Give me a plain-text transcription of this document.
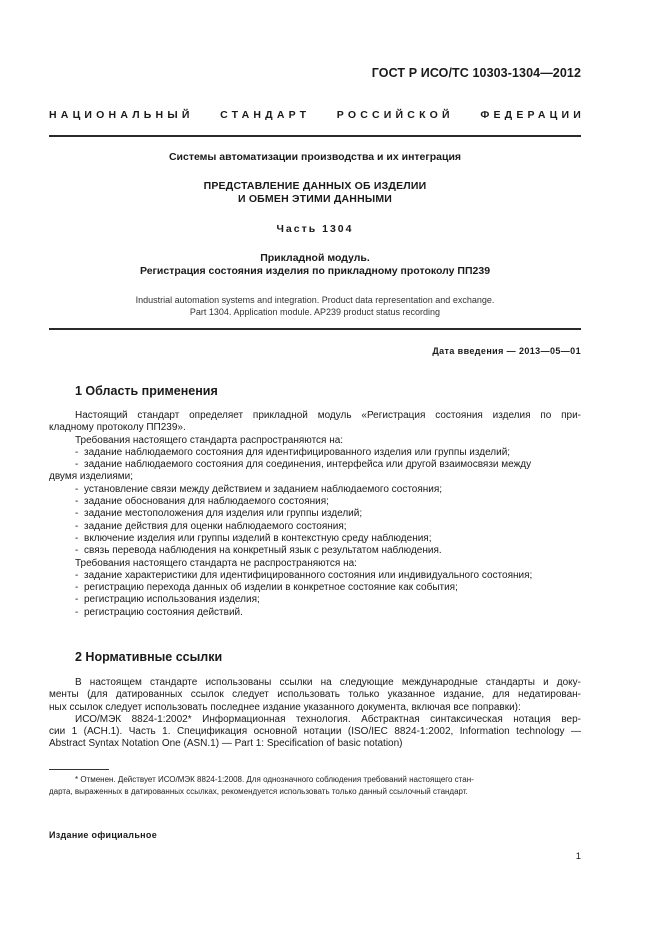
ГОСТ Р ИСО/ТС 10303-1304—2012
НАЦИОНАЛЬНЫЙ	СТАНДАРТ	РОССИЙСКОЙ	ФЕДЕРАЦИИ
Системы автоматизации производства и их интеграция
ПРЕДСТАВЛЕНИЕ ДАННЫХ ОБ ИЗДЕЛИИ
И ОБМЕН ЭТИМИ ДАННЫМИ
Часть 1304
Прикладной модуль.
Регистрация состояния изделия по прикладному протоколу ПП239
Industrial automation systems and integration. Product data representation and exchange.
Part 1304. Application module. AP239 product status recording
Дата введения — 2013—05—01
1 Область применения
Настоящий стандарт определяет прикладной модуль «Регистрация состояния изделия по при-
кладному протоколу ПП239».
Требования настоящего стандарта распространяются на:
- задание наблюдаемого состояния для идентифицированного изделия или группы изделий;
- задание наблюдаемого состояния для соединения, интерфейса или другой взаимосвязи между
двумя изделиями;
- установление связи между действием и заданием наблюдаемого состояния;
- задание обоснования для наблюдаемого состояния;
- задание местоположения для изделия или группы изделий;
- задание действия для оценки наблюдаемого состояния;
- включение изделия или группы изделий в контекстную среду наблюдения;
- связь перевода наблюдения на конкретный язык с результатом наблюдения.
Требования настоящего стандарта не распространяются на:
- задание характеристики для идентифицированного состояния или индивидуального состояния;
- регистрацию перехода данных об изделии в конкретное состояние как события;
- регистрацию использования изделия;
- регистрацию состояния действий.
2 Нормативные ссылки
В настоящем стандарте использованы ссылки на следующие международные стандарты и доку-
менты (для датированных ссылок следует использовать только указанное издание, для недатирован-
ных ссылок следует использовать последнее издание указанного документа, включая все поправки):
ИСО/МЭК 8824-1:2002* Информационная технология. Абстрактная синтаксическая нотация вер-
сии 1 (АСН.1). Часть 1. Спецификация основной нотации (ISO/IEC 8824-1:2002, Information technology —
Abstract Syntax Notation One (ASN.1) — Part 1: Specification of basic notation)
* Отменен. Действует ИСО/МЭК 8824-1:2008. Для однозначного соблюдения требований настоящего стан-
дарта, выраженных в датированных ссылках, рекомендуется использовать только данный ссылочный стандарт.
Издание официальное
1
